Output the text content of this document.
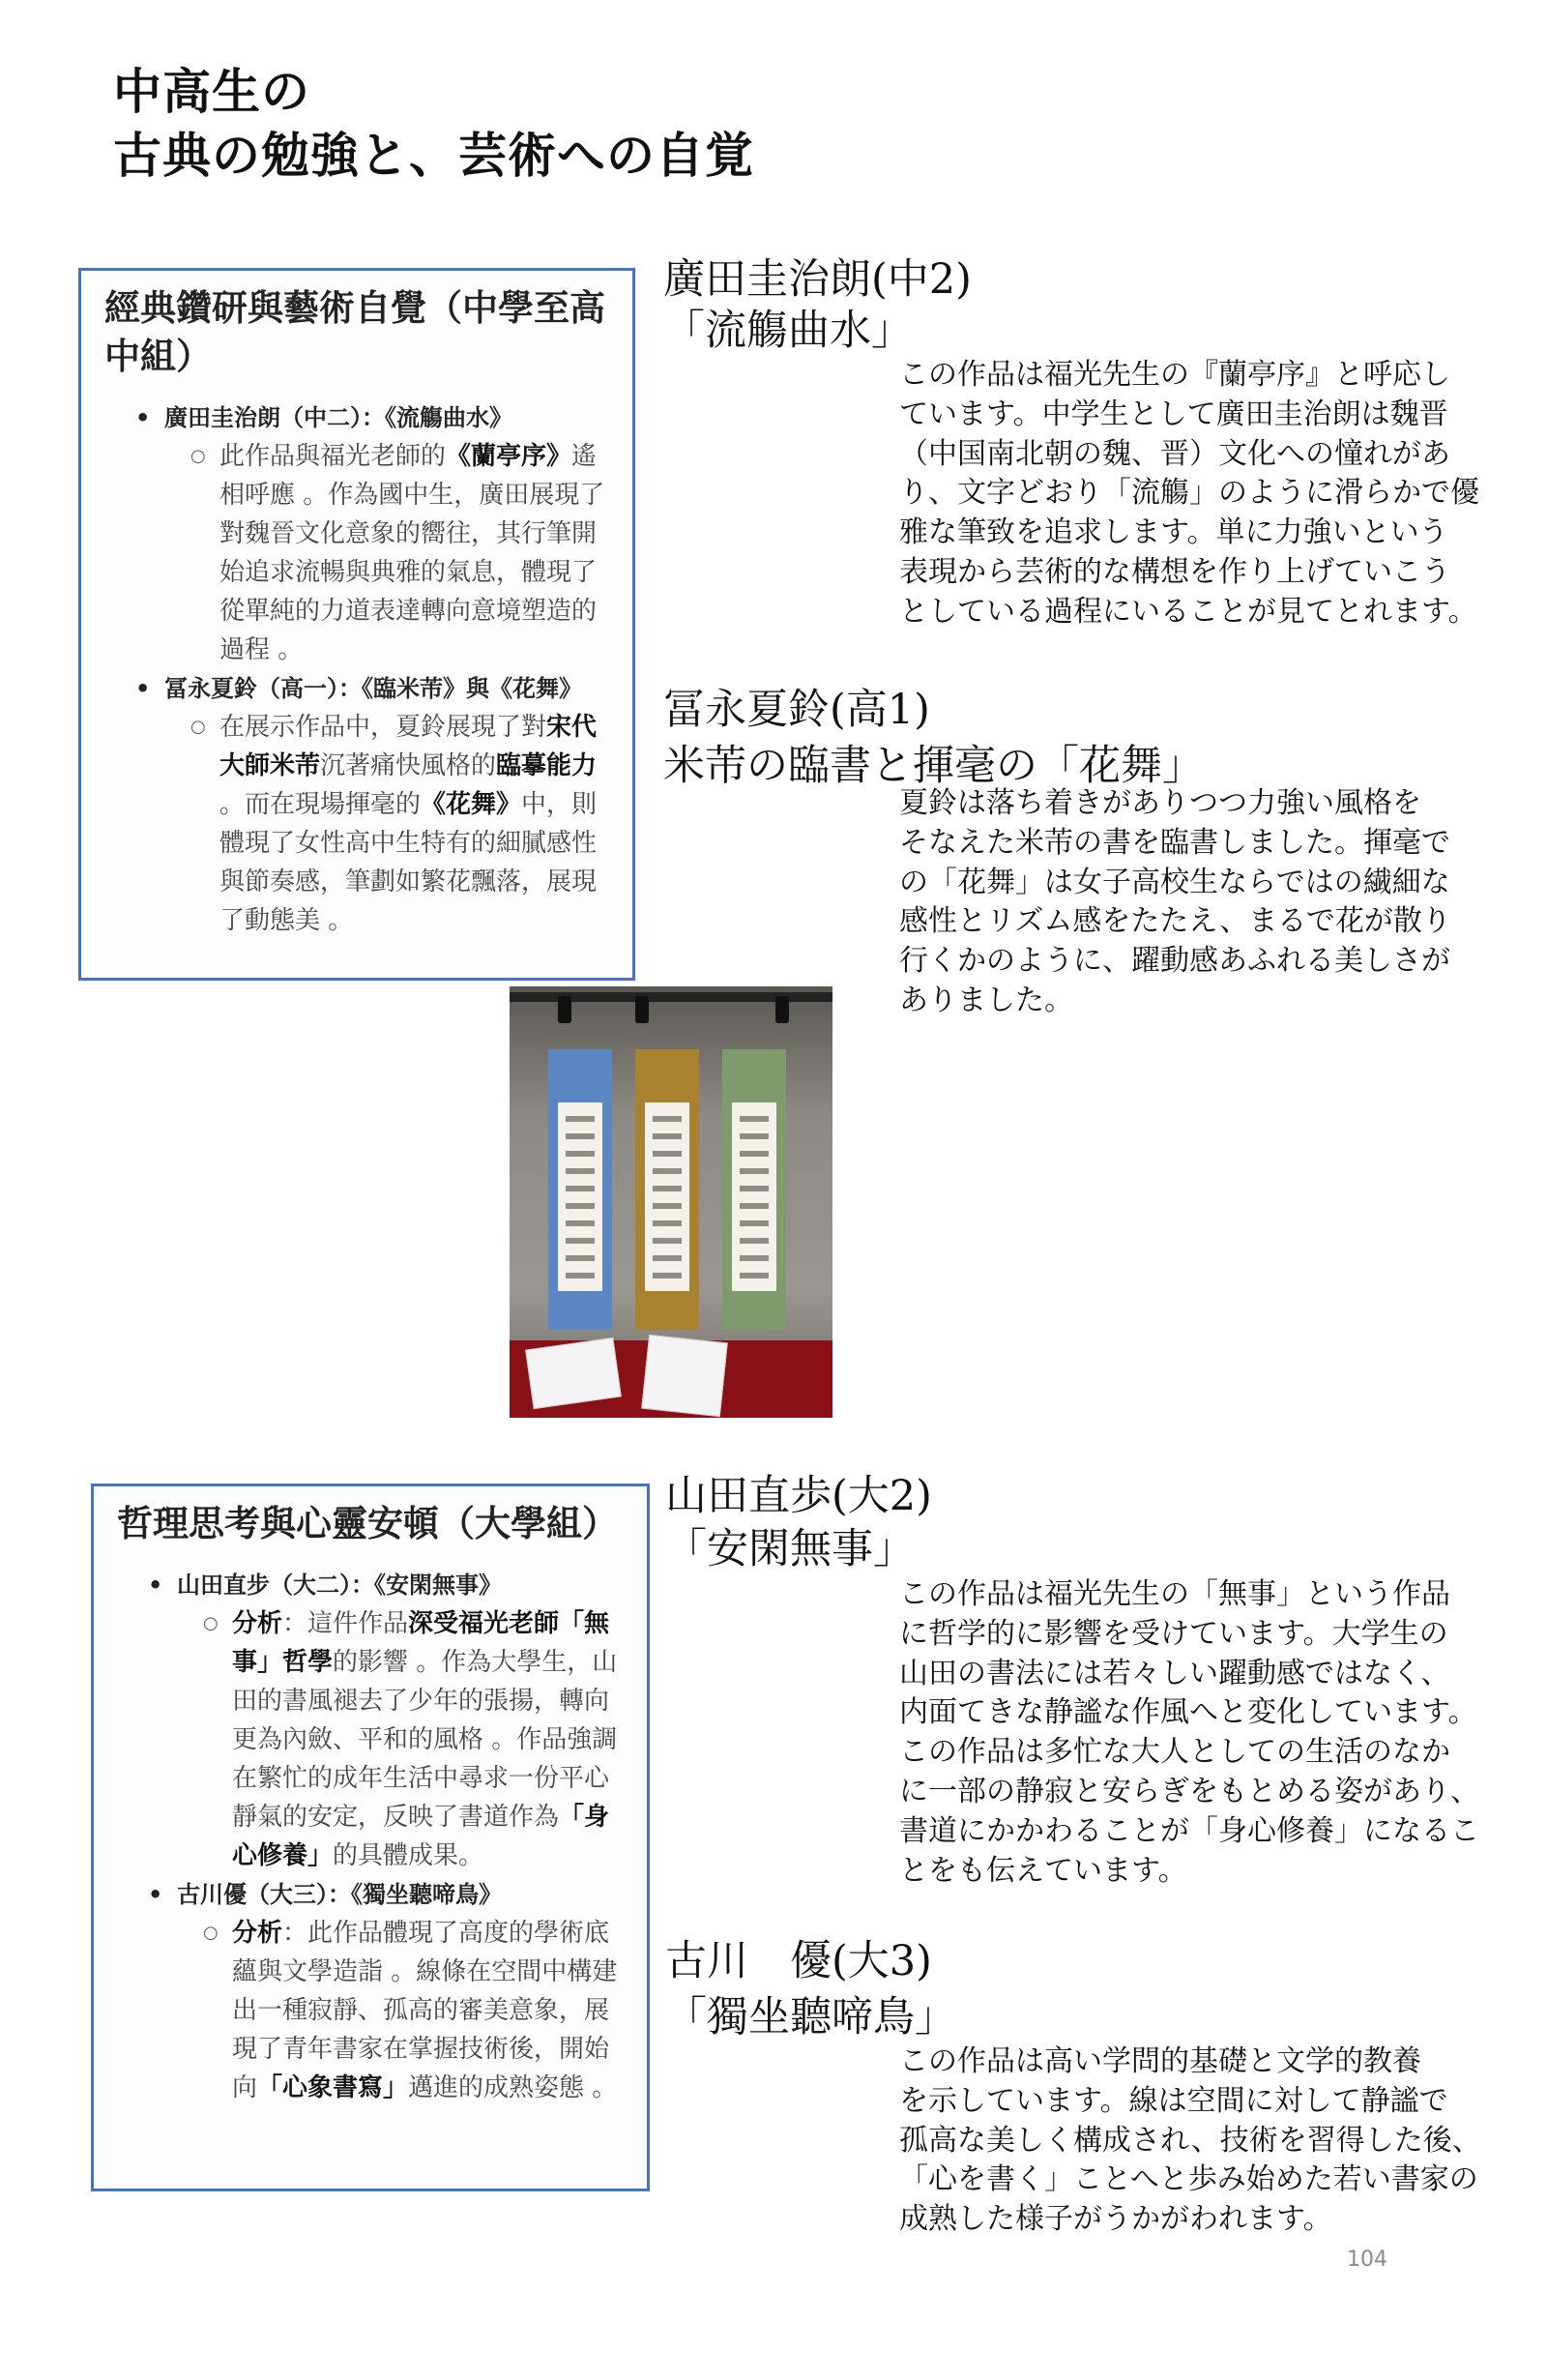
中高生の
古典の勉強と、芸術への自覚
經典鑽研與藝術自覺（中學至高中組）
• 廣田圭治朗（中二）：《流觴曲水》
○ 此作品與福光老師的《蘭亭序》遙相呼應 。作為國中生，廣田展現了對魏晉文化意象的嚮往，其行筆開始追求流暢與典雅的氣息，體現了從單純的力道表達轉向意境塑造的過程 。
• 冨永夏鈴（高一）：《臨米芾》與《花舞》
○ 在展示作品中，夏鈴展現了對宋代大師米芾沉著痛快風格的臨摹能力 。而在現場揮毫的《花舞》中，則體現了女性高中生特有的細膩感性與節奏感，筆劃如繁花飄落，展現了動態美 。
哲理思考與心靈安頓（大學組）
• 山田直步（大二）：《安閑無事》
○ 分析：這件作品深受福光老師「無事」哲學的影響 。作為大學生，山田的書風褪去了少年的張揚，轉向更為內斂、平和的風格 。作品強調在繁忙的成年生活中尋求一份平心靜氣的安定，反映了書道作為「身心修養」的具體成果。
• 古川優（大三）：《獨坐聽啼鳥》
○ 分析：此作品體現了高度的學術底蘊與文學造詣 。線條在空間中構建出一種寂靜、孤高的審美意象，展現了青年書家在掌握技術後，開始向「心象書寫」邁進的成熟姿態 。
廣田圭治朗(中2)
「流觴曲水」
この作品は福光先生の『蘭亭序』と呼応し
ています。中学生として廣田圭治朗は魏晋
（中国南北朝の魏、晋）文化への憧れがあ
り、文字どおり「流觴」のように滑らかで優
雅な筆致を追求します。単に力強いという
表現から芸術的な構想を作り上げていこう
としている過程にいることが見てとれます。
冨永夏鈴(高1)
米芾の臨書と揮毫の「花舞」
夏鈴は落ち着きがありつつ力強い風格を
そなえた米芾の書を臨書しました。揮毫で
の「花舞」は女子高校生ならではの繊細な
感性とリズム感をたたえ、まるで花が散り
行くかのように、躍動感あふれる美しさが
ありました。
山田直歩(大2)
「安閑無事」
この作品は福光先生の「無事」という作品
に哲学的に影響を受けています。大学生の
山田の書法には若々しい躍動感ではなく、
内面てきな静謐な作風へと変化しています。
この作品は多忙な大人としての生活のなか
に一部の静寂と安らぎをもとめる姿があり、
書道にかかわることが「身心修養」になるこ
とをも伝えています。
古川　優(大3)
「獨坐聽啼鳥」
この作品は高い学問的基礎と文学的教養
を示しています。線は空間に対して静謐で
孤高な美しく構成され、技術を習得した後、
「心を書く」ことへと歩み始めた若い書家の
成熟した様子がうかがわれます。
104
